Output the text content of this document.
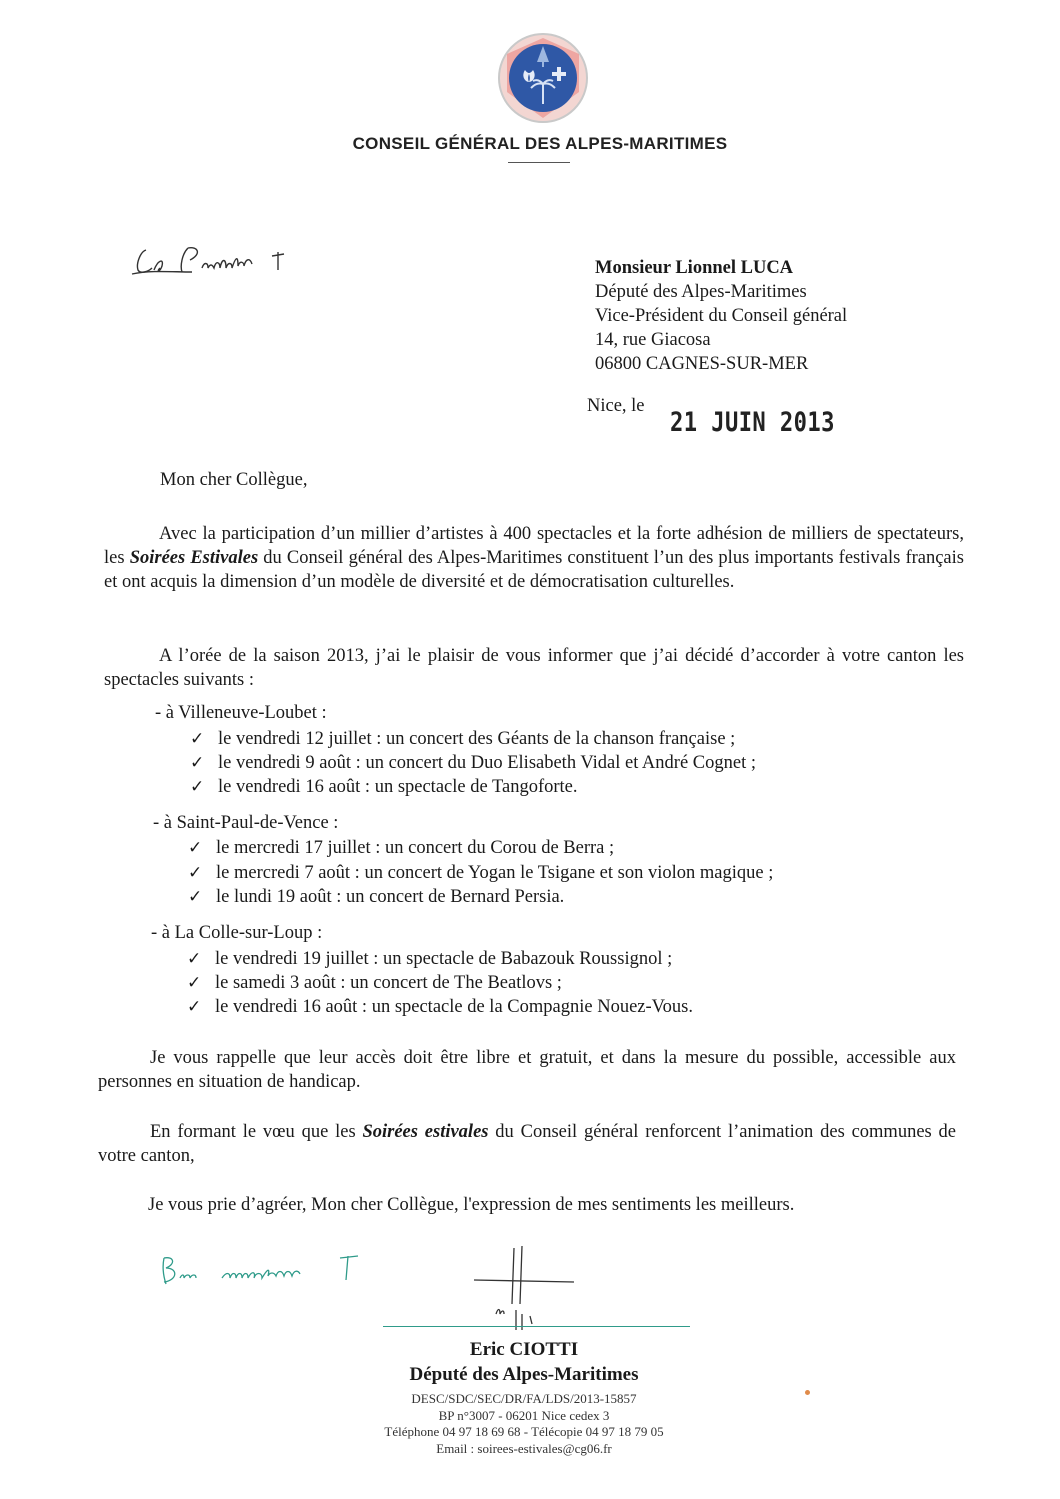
CONSEIL GÉNÉRAL DES ALPES-MARITIMES
Monsieur Lionnel LUCA
Député des Alpes-Maritimes
Vice-Président du Conseil général
14, rue Giacosa
06800 CAGNES-SUR-MER
Nice, le
21 JUIN 2013
Mon cher Collègue,
Avec la participation d’un millier d’artistes à 400 spectacles et la forte adhésion de milliers de spectateurs, les Soirées Estivales du Conseil général des Alpes-Maritimes constituent l’un des plus importants festivals français et ont acquis la dimension d’un modèle de diversité et de démocratisation culturelles.
A l’orée de la saison 2013, j’ai le plaisir de vous informer que j’ai décidé d’accorder à votre canton les spectacles suivants :
- à Villeneuve-Loubet :
✓ le vendredi 12 juillet : un concert des Géants de la chanson française ;
✓ le vendredi 9 août : un concert du Duo Elisabeth Vidal et André Cognet ;
✓ le vendredi 16 août : un spectacle de Tangoforte.
- à Saint-Paul-de-Vence :
✓ le mercredi 17 juillet : un concert du Corou de Berra ;
✓ le mercredi 7 août : un concert de Yogan le Tsigane et son violon magique ;
✓ le lundi 19 août : un concert de Bernard Persia.
- à La Colle-sur-Loup :
✓ le vendredi 19 juillet : un spectacle de Babazouk Roussignol ;
✓ le samedi 3 août : un concert de The Beatlovs ;
✓ le vendredi 16 août : un spectacle de la Compagnie Nouez-Vous.
Je vous rappelle que leur accès doit être libre et gratuit, et dans la mesure du possible, accessible aux personnes en situation de handicap.
En formant le vœu que les Soirées estivales du Conseil général renforcent l’animation des communes de votre canton,
Je vous prie d’agréer, Mon cher Collègue, l'expression de mes sentiments les meilleurs.
Eric CIOTTI
Député des Alpes-Maritimes
DESC/SDC/SEC/DR/FA/LDS/2013-15857
BP n°3007 - 06201 Nice cedex 3
Téléphone 04 97 18 69 68 - Télécopie 04 97 18 79 05
Email : soirees-estivales@cg06.fr
